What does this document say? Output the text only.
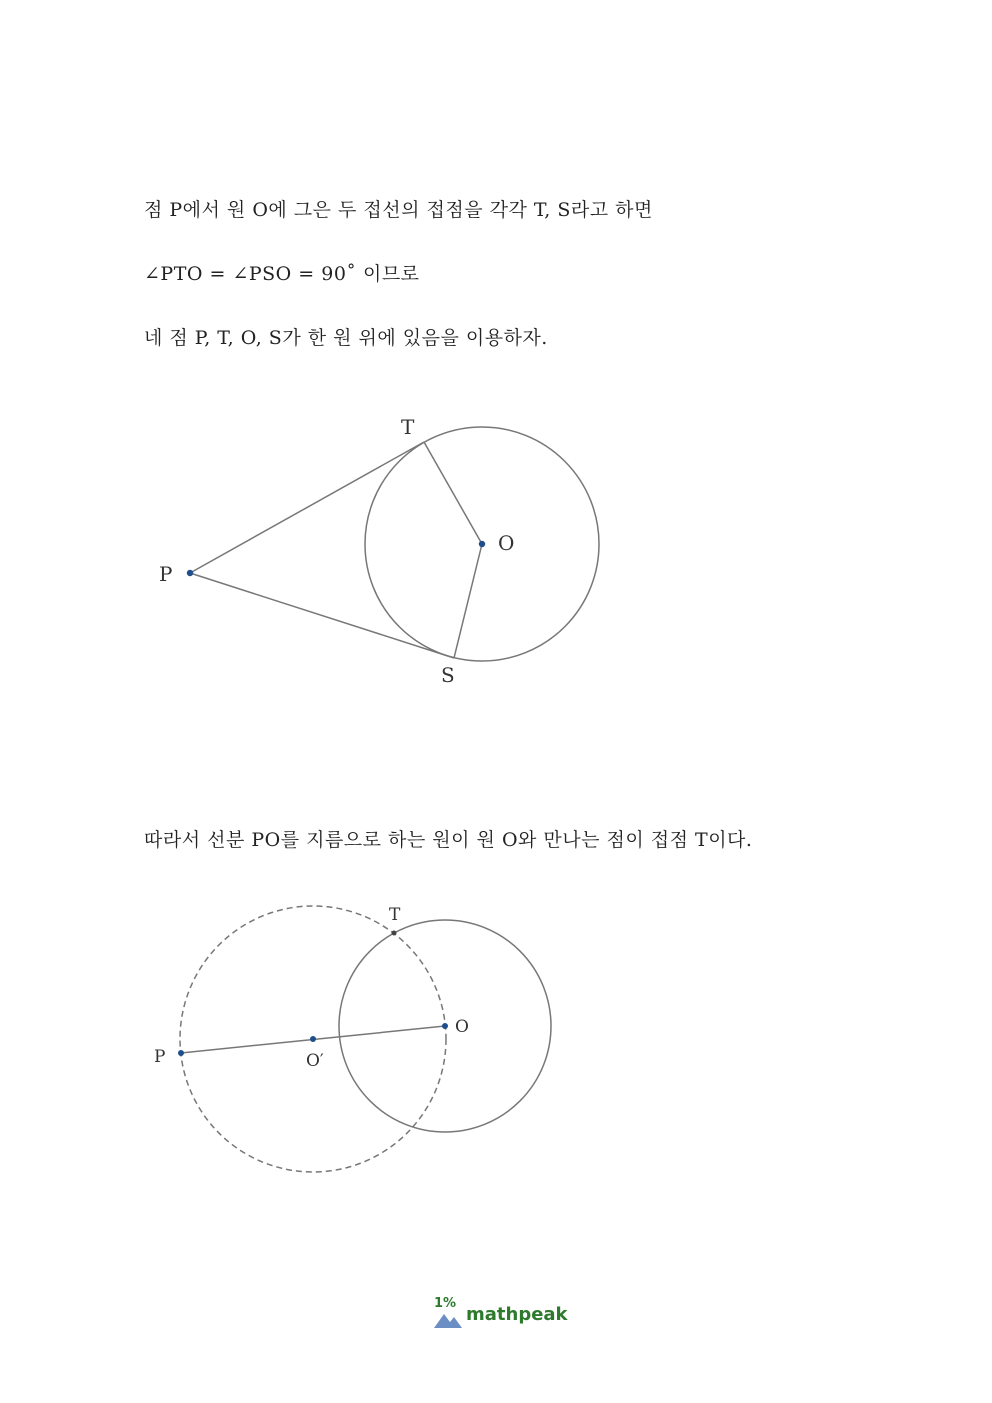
점 P에서 원 O에 그은 두 접선의 접점을 각각 T, S라고 하면
∠PTO = ∠PSO = 90˚ 이므로
네 점 P, T, O, S가 한 원 위에 있음을 이용하자.
T
O
P
S
따라서 선분 PO를 지름으로 하는 원이 원 O와 만나는 점이 접점 T이다.
T
O
P	O′
1%
mathpeak
